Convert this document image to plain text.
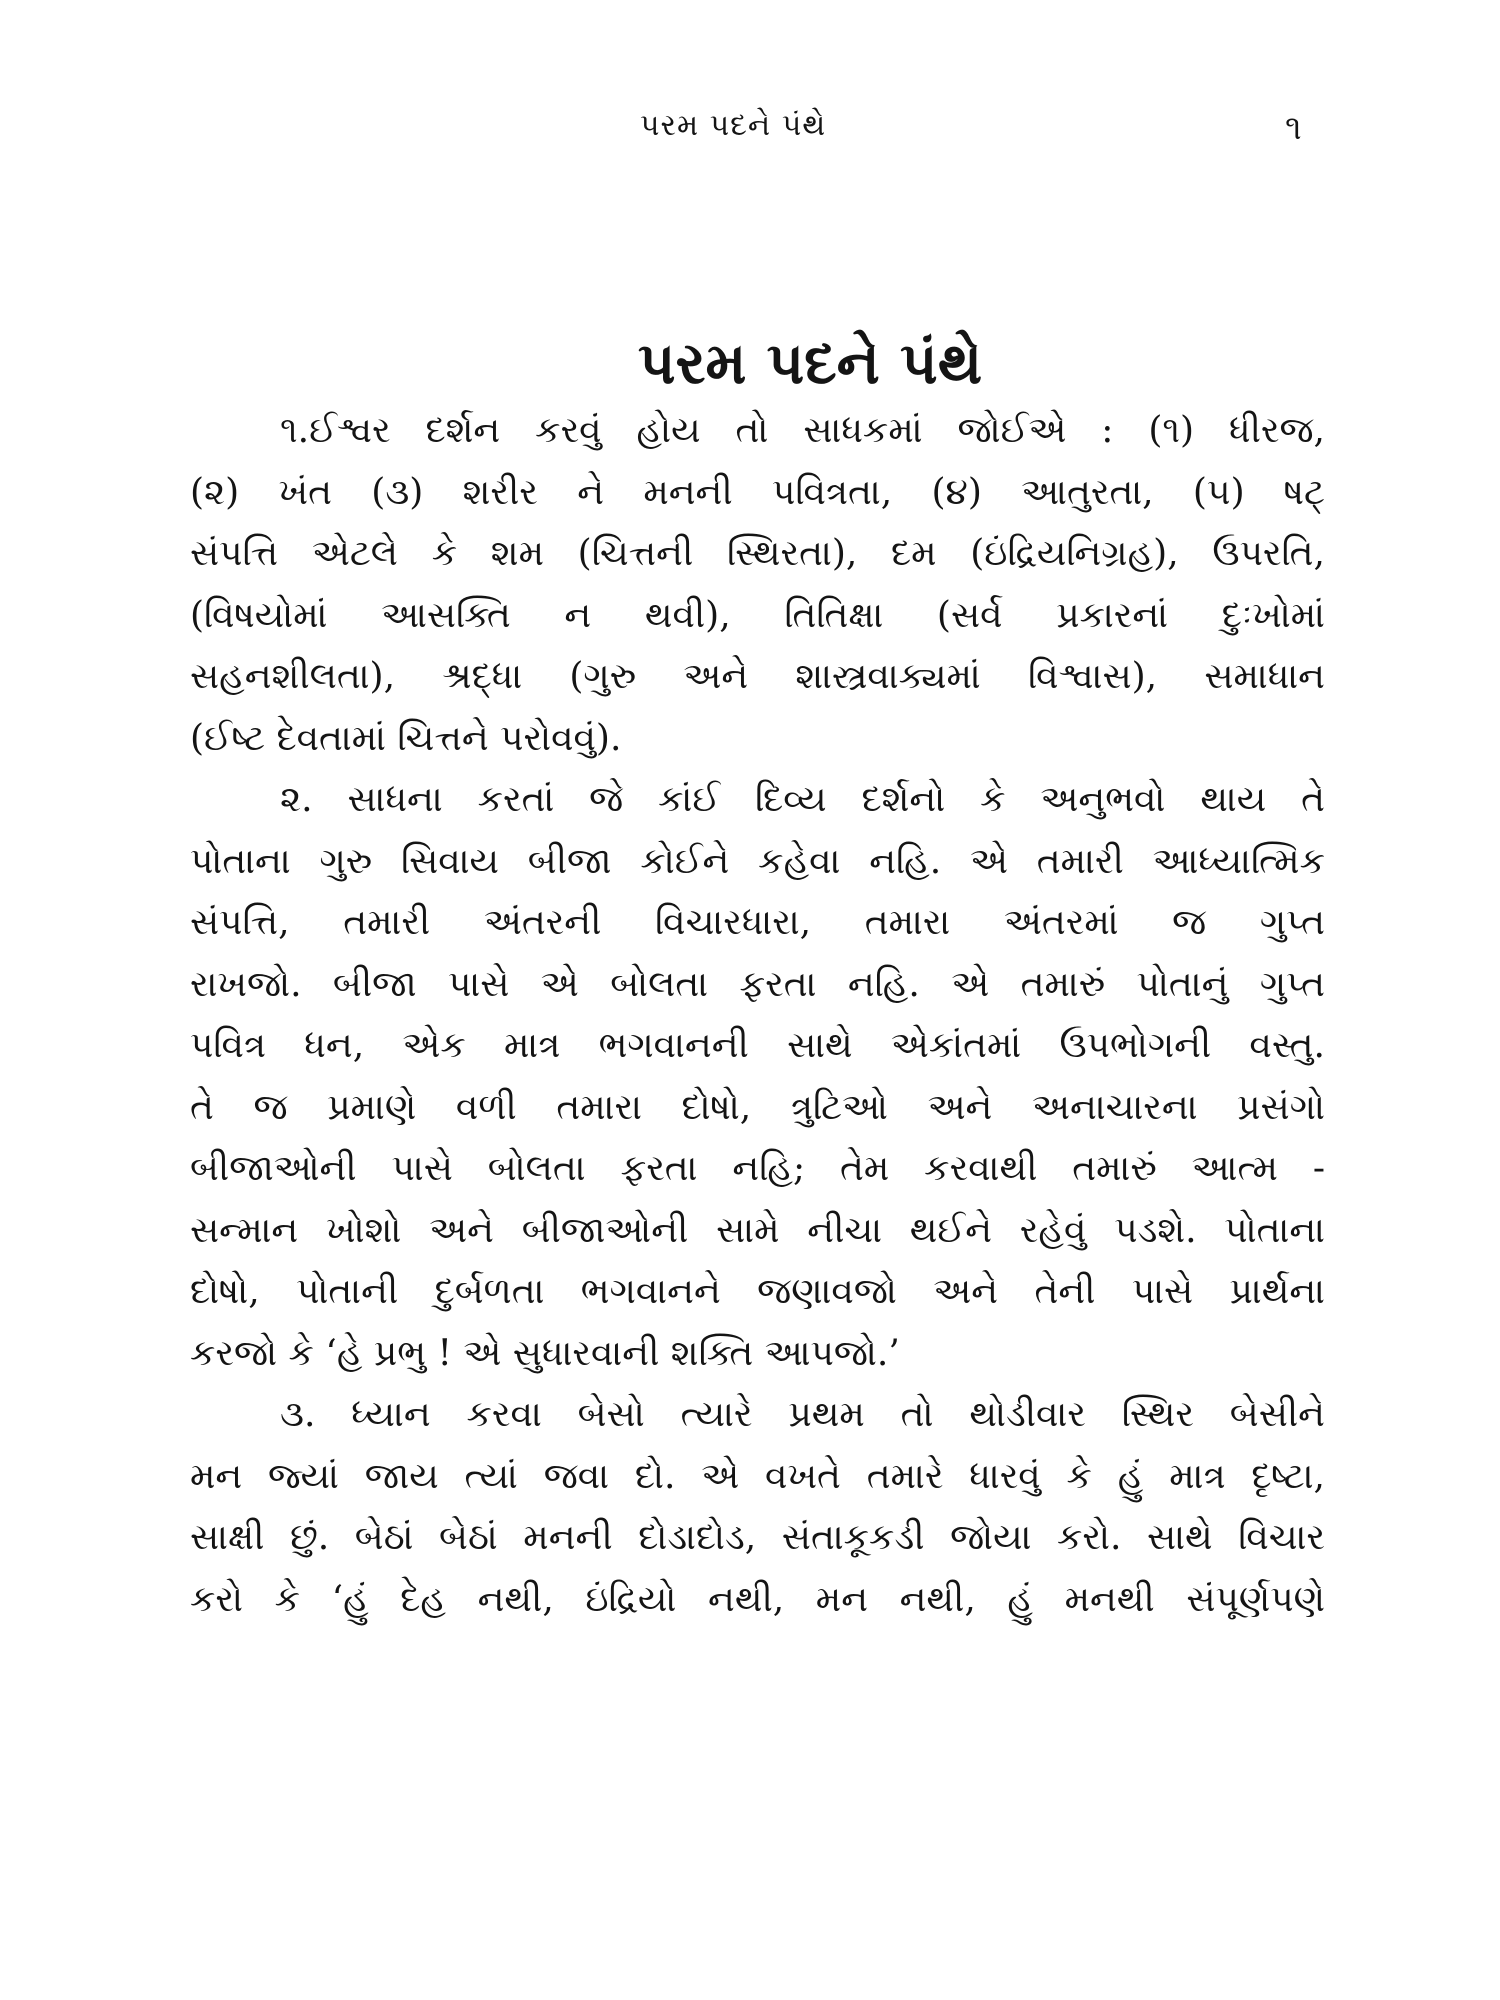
પરમ પદને પંથે	૧
પરમ પદને પંથે
૧.ઈશ્વર દર્શન કરવું હોય તો સાધકમાં જોઈએ : (૧) ધીરજ,
(૨) ખંત (૩) શરીર ને મનની પવિત્રતા, (૪) આતુરતા, (૫) ષટ્
સંપત્તિ એટલે કે શમ (ચિત્તની સ્થિરતા), દમ (ઇંદ્રિયનિગ્રહ), ઉપરતિ,
(વિષયોમાં આસક્તિ ન થવી), તિતિક્ષા (સર્વ પ્રકારનાં દુઃખોમાં
સહનશીલતા), શ્રદ્ધા (ગુરુ અને શાસ્ત્રવાક્યમાં વિશ્વાસ), સમાધાન
(ઈષ્ટ દેવતામાં ચિત્તને પરોવવું).
૨. સાધના કરતાં જે કાંઈ દિવ્ય દર્શનો કે અનુભવો થાય તે
પોતાના ગુરુ સિવાય બીજા કોઈને કહેવા નહિ. એ તમારી આધ્યાત્મિક
સંપત્તિ, તમારી અંતરની વિચારધારા, તમારા અંતરમાં જ ગુપ્ત
રાખજો. બીજા પાસે એ બોલતા ફરતા નહિ. એ તમારું પોતાનું ગુપ્ત
પવિત્ર ધન, એક માત્ર ભગવાનની સાથે એકાંતમાં ઉપભોગની વસ્તુ.
તે જ પ્રમાણે વળી તમારા દોષો, ત્રુટિઓ અને અનાચારના પ્રસંગો
બીજાઓની પાસે બોલતા ફરતા નહિ; તેમ કરવાથી તમારું આત્મ -
સન્માન ખોશો અને બીજાઓની સામે નીચા થઈને રહેવું પડશે. પોતાના
દોષો, પોતાની દુર્બળતા ભગવાનને જણાવજો અને તેની પાસે પ્રાર્થના
કરજો કે ‘હે પ્રભુ ! એ સુધારવાની શક્તિ આપજો.’
૩. ધ્યાન કરવા બેસો ત્યારે પ્રથમ તો થોડીવાર સ્થિર બેસીને
મન જ્યાં જાય ત્યાં જવા દો. એ વખતે તમારે ધારવું કે હું માત્ર દૃષ્ટા,
સાક્ષી છું. બેઠાં બેઠાં મનની દોડાદોડ, સંતાકૂકડી જોયા કરો. સાથે વિચાર
કરો કે ‘હું દેહ નથી, ઇંદ્રિયો નથી, મન નથી, હું મનથી સંપૂર્ણપણે
